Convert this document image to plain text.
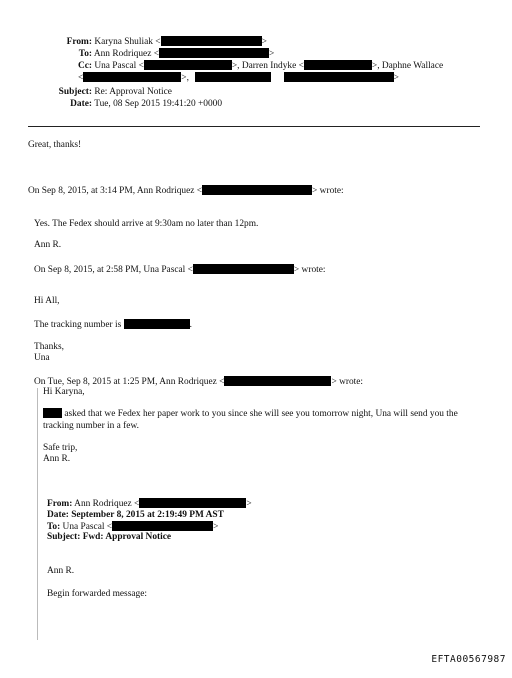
From: Karyna Shuliak <	>
To: Ann Rodriquez <	>
Cc: Una Pascal <	>, Darren Indyke <	>, Daphne Wallace
<	>,	>
Subject: Re: Approval Notice
Date: Tue, 08 Sep 2015 19:41:20 +0000
Great, thanks!
On Sep 8, 2015, at 3:14 PM, Ann Rodriquez <	> wrote:
Yes. The Fedex should arrive at 9:30am no later than 12pm.
Ann R.
On Sep 8, 2015, at 2:58 PM, Una Pascal <	> wrote:
Hi All,
The tracking number is	.
Thanks,
Una
On Tue, Sep 8, 2015 at 1:25 PM, Ann Rodriquez <	> wrote:
Hi Karyna,
asked that we Fedex her paper work to you since she will see you tomorrow night, Una will send you the tracking number in a few.
Safe trip,
Ann R.
From: Ann Rodriquez <	>
Date: September 8, 2015 at 2:19:49 PM AST
To: Una Pascal <	>
Subject: Fwd: Approval Notice
Ann R.
Begin forwarded message:
EFTA00567987
